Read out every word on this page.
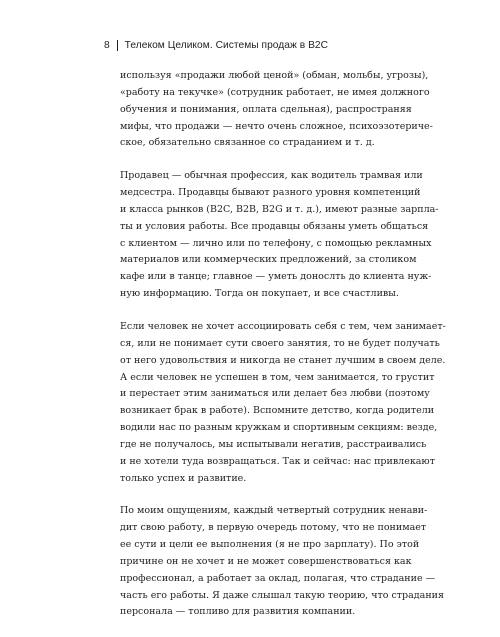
8 Телеком Целиком. Системы продаж в B2C
используя «продажи любой ценой» (обман, мольбы, угрозы),
«работу на текучке» (сотрудник работает, не имея должного
обучения и понимания, оплата сдельная), распространяя
мифы, что продажи — нечто очень сложное, психоэзотериче-
ское, обязательно связанное со страданием и т. д.
Продавец — обычная профессия, как водитель трамвая или
медсестра. Продавцы бывают разного уровня компетенций
и класса рынков (B2C, B2B, B2G и т. д.), имеют разные зарпла-
ты и условия работы. Все продавцы обязаны уметь общаться
с клиентом — лично или по телефону, с помощью рекламных
материалов или коммерческих предложений, за столиком
кафе или в танце; главное — уметь донослть до клиента нуж-
ную информацию. Тогда он покупает, и все счастливы.
Если человек не хочет ассоциировать себя с тем, чем занимает-
ся, или не понимает сути своего занятия, то не будет получать
от него удовольствия и никогда не станет лучшим в своем деле.
А если человек не успешен в том, чем занимается, то грустит
и перестает этим заниматься или делает без любви (поэтому
возникает брак в работе). Вспомните детство, когда родители
водили нас по разным кружкам и спортивным секциям: везде,
где не получалось, мы испытывали негатив, расстраивались
и не хотели туда возвращаться. Так и сейчас: нас привлекают
только успех и развитие.
По моим ощущениям, каждый четвертый сотрудник ненави-
дит свою работу, в первую очередь потому, что не понимает
ее сути и цели ее выполнения (я не про зарплату). По этой
причине он не хочет и не может совершенствоваться как
профессионал, а работает за оклад, полагая, что страдание —
часть его работы. Я даже слышал такую теорию, что страдания
персонала — топливо для развития компании.
